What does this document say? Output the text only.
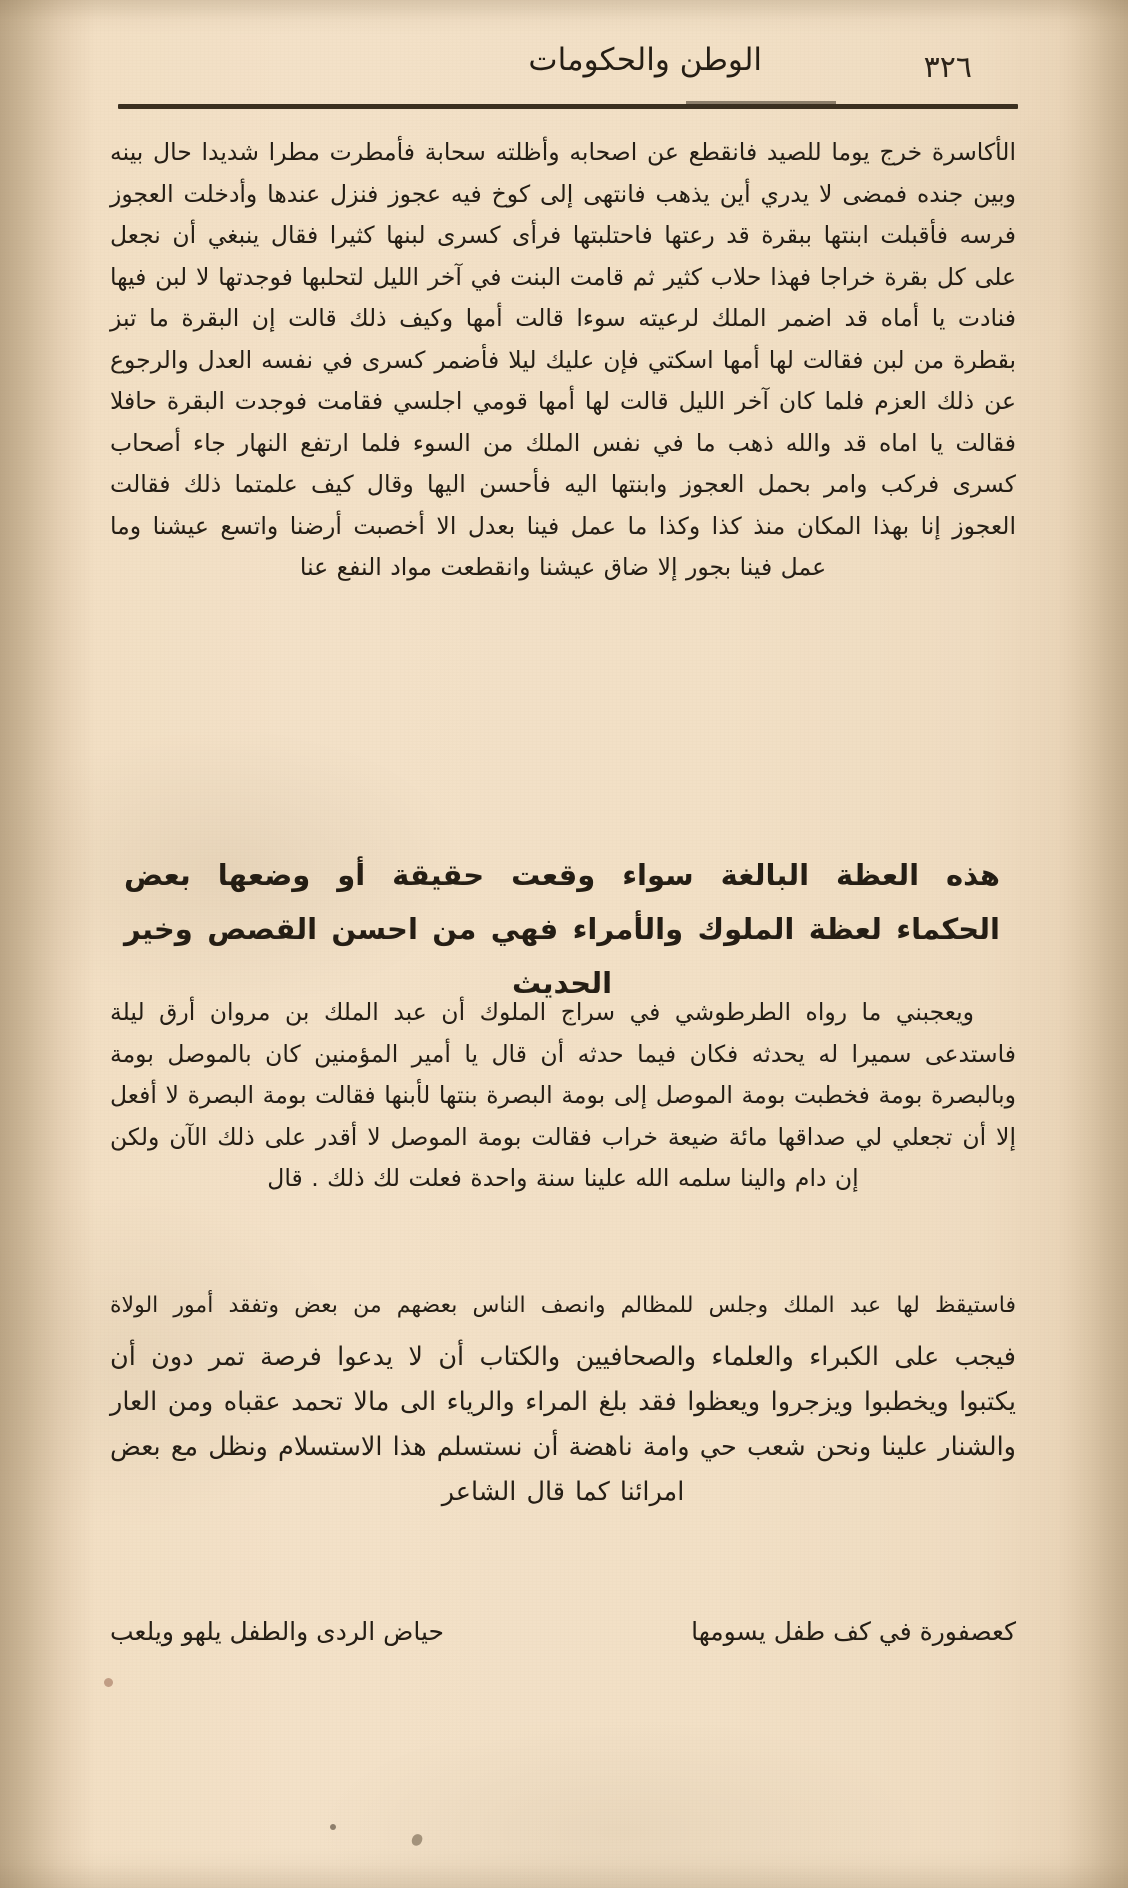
٣٢٦
الوطن والحكومات
الأكاسرة خرج يوما للصيد فانقطع عن اصحابه وأظلته سحابة فأمطرت مطرا شديدا حال بينه وبين جنده فمضى لا يدري أين يذهب فانتهى إلى كوخ فيه عجوز فنزل عندها وأدخلت العجوز فرسه فأقبلت ابنتها ببقرة قد رعتها فاحتلبتها فرأى كسرى لبنها كثيرا فقال ينبغي أن نجعل على كل بقرة خراجا فهذا حلاب كثير ثم قامت البنت في آخر الليل لتحلبها فوجدتها لا لبن فيها فنادت يا أماه قد اضمر الملك لرعيته سوءا قالت أمها وكيف ذلك قالت إن البقرة ما تبز بقطرة من لبن فقالت لها أمها اسكتي فإن عليك ليلا فأضمر كسرى في نفسه العدل والرجوع عن ذلك العزم فلما كان آخر الليل قالت لها أمها قومي اجلسي فقامت فوجدت البقرة حافلا فقالت يا اماه قد والله ذهب ما في نفس الملك من السوء فلما ارتفع النهار جاء أصحاب كسرى فركب وامر بحمل العجوز وابنتها اليه فأحسن اليها وقال كيف علمتما ذلك فقالت العجوز إنا بهذا المكان منذ كذا وكذا ما عمل فينا بعدل الا أخصبت أرضنا واتسع عيشنا وما عمل فينا بجور إلا ضاق عيشنا وانقطعت مواد النفع عنا
هذه العظة البالغة سواء وقعت حقيقة أو وضعها بعض الحكماء لعظة الملوك والأمراء فهي من احسن القصص وخير الحديث
ويعجبني ما رواه الطرطوشي في سراج الملوك أن عبد الملك بن مروان أرق ليلة فاستدعى سميرا له يحدثه فكان فيما حدثه أن قال يا أمير المؤمنين كان بالموصل بومة وبالبصرة بومة فخطبت بومة الموصل إلى بومة البصرة بنتها لأبنها فقالت بومة البصرة لا أفعل إلا أن تجعلي لي صداقها مائة ضيعة خراب فقالت بومة الموصل لا أقدر على ذلك الآن ولكن إن دام والينا سلمه الله علينا سنة واحدة فعلت لك ذلك . قال
فاستيقظ لها عبد الملك وجلس للمظالم وانصف الناس بعضهم من بعض وتفقد أمور الولاة
فيجب على الكبراء والعلماء والصحافيين والكتاب أن لا يدعوا فرصة تمر دون أن يكتبوا ويخطبوا ويزجروا ويعظوا فقد بلغ المراء والرياء الى مالا تحمد عقباه ومن العار والشنار علينا ونحن شعب حي وامة ناهضة أن نستسلم هذا الاستسلام ونظل مع بعض امرائنا كما قال الشاعر
كعصفورة في كف طفل يسومها
حياض الردى والطفل يلهو ويلعب
